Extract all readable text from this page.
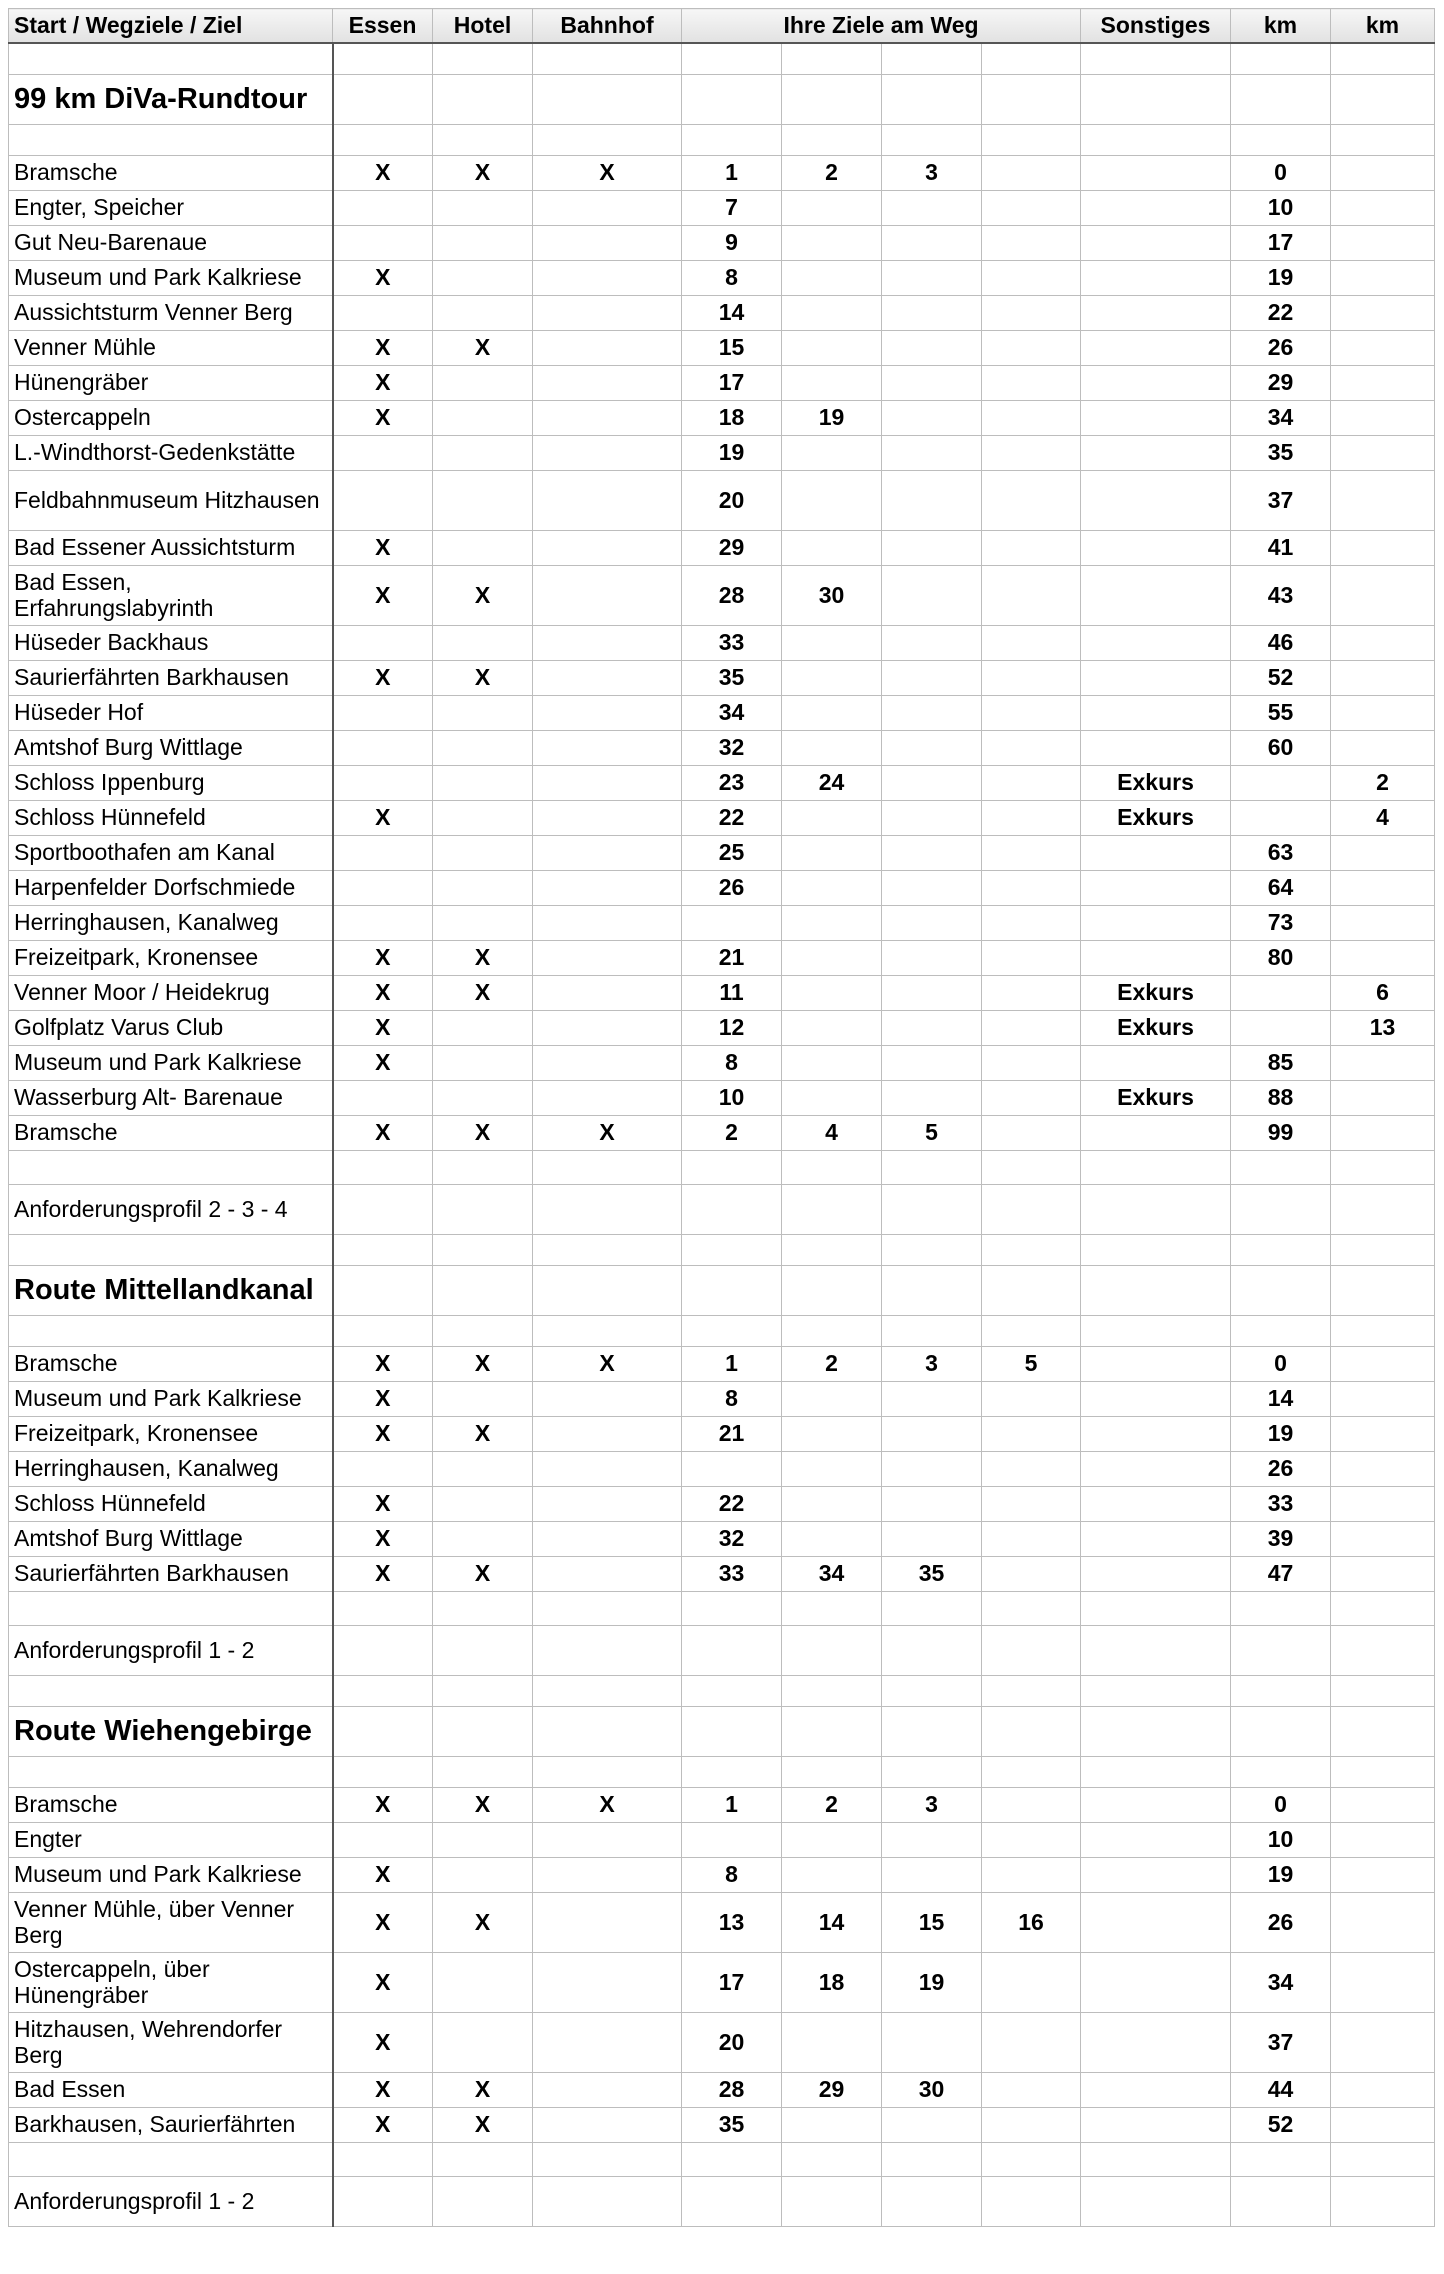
Start / Wegziele / Ziel	Essen	Hotel	Bahnhof	Ihre Ziele am Weg				Sonstiges	km	km

99 km DiVa-Rundtour										

Bramsche	X	X	X	1	2	3			0	
Engter, Speicher				7					10	
Gut Neu-Barenaue				9					17	
Museum und Park Kalkriese	X			8					19	
Aussichtsturm Venner Berg				14					22	
Venner Mühle	X	X		15					26	
Hünengräber	X			17					29	
Ostercappeln	X			18	19				34	
L.-Windthorst-Gedenkstätte				19					35	
Feldbahnmuseum Hitzhausen				20					37	
Bad Essener Aussichtsturm	X			29					41	
Bad Essen, Erfahrungslabyrinth	X	X		28	30				43	
Hüseder Backhaus				33					46	
Saurierfährten Barkhausen	X	X		35					52	
Hüseder Hof				34					55	
Amtshof Burg Wittlage				32					60	
Schloss Ippenburg				23	24			Exkurs		2
Schloss Hünnefeld	X			22				Exkurs		4
Sportboothafen am Kanal				25					63	
Harpenfelder Dorfschmiede				26					64	
Herringhausen, Kanalweg									73	
Freizeitpark, Kronensee	X	X		21					80	
Venner Moor / Heidekrug	X	X		11				Exkurs		6
Golfplatz Varus Club	X			12				Exkurs		13
Museum und Park Kalkriese	X			8					85	
Wasserburg Alt- Barenaue				10				Exkurs	88	
Bramsche	X	X	X	2	4	5			99	

Anforderungsprofil 2 - 3 - 4										

Route Mittellandkanal										

Bramsche	X	X	X	1	2	3	5		0	
Museum und Park Kalkriese	X			8					14	
Freizeitpark, Kronensee	X	X		21					19	
Herringhausen, Kanalweg									26	
Schloss Hünnefeld	X			22					33	
Amtshof Burg Wittlage	X			32					39	
Saurierfährten Barkhausen	X	X		33	34	35			47	

Anforderungsprofil 1 - 2										

Route Wiehengebirge										

Bramsche	X	X	X	1	2	3			0	
Engter									10	
Museum und Park Kalkriese	X			8					19	
Venner Mühle, über Venner Berg	X	X		13	14	15	16		26	
Ostercappeln, über Hünengräber	X			17	18	19			34	
Hitzhausen, Wehrendorfer Berg	X			20					37	
Bad Essen	X	X		28	29	30			44	
Barkhausen, Saurierfährten	X	X		35					52	

Anforderungsprofil 1 - 2										
